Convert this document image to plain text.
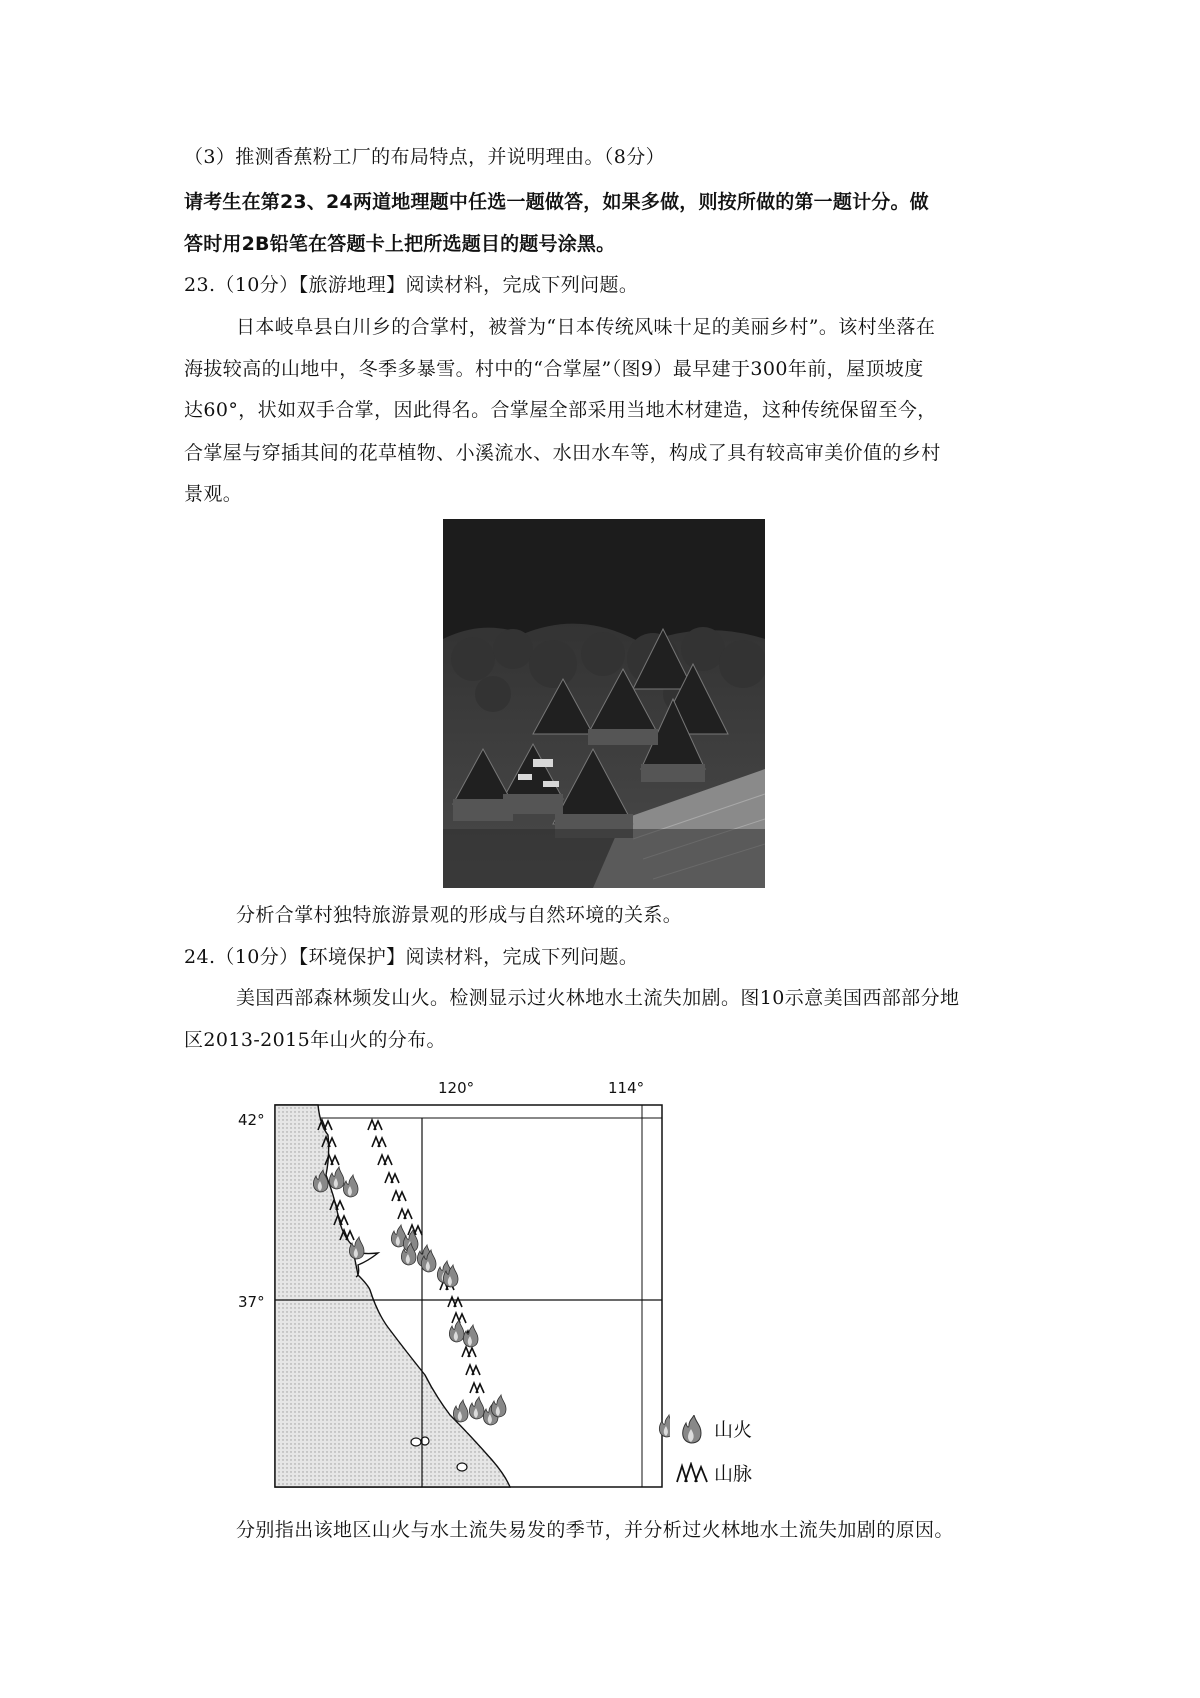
（3）推测香蕉粉工厂的布局特点，并说明理由。（8分）
请考生在第23、24两道地理题中任选一题做答，如果多做，则按所做的第一题计分。做
答时用2B铅笔在答题卡上把所选题目的题号涂黑。
23.（10分）【旅游地理】阅读材料，完成下列问题。
日本岐阜县白川乡的合掌村，被誉为“日本传统风味十足的美丽乡村”。该村坐落在
海拔较高的山地中，冬季多暴雪。村中的“合掌屋”（图9）最早建于300年前，屋顶坡度
达60°，状如双手合掌，因此得名。合掌屋全部采用当地木材建造，这种传统保留至今，
合掌屋与穿插其间的花草植物、小溪流水、水田水车等，构成了具有较高审美价值的乡村
景观。
分析合掌村独特旅游景观的形成与自然环境的关系。
24.（10分）【环境保护】阅读材料，完成下列问题。
美国西部森林频发山火。检测显示过火林地水土流失加剧。图10示意美国西部部分地
区2013-2015年山火的分布。
120°	114°
42°
37°
山火
山脉
分别指出该地区山火与水土流失易发的季节，并分析过火林地水土流失加剧的原因。
